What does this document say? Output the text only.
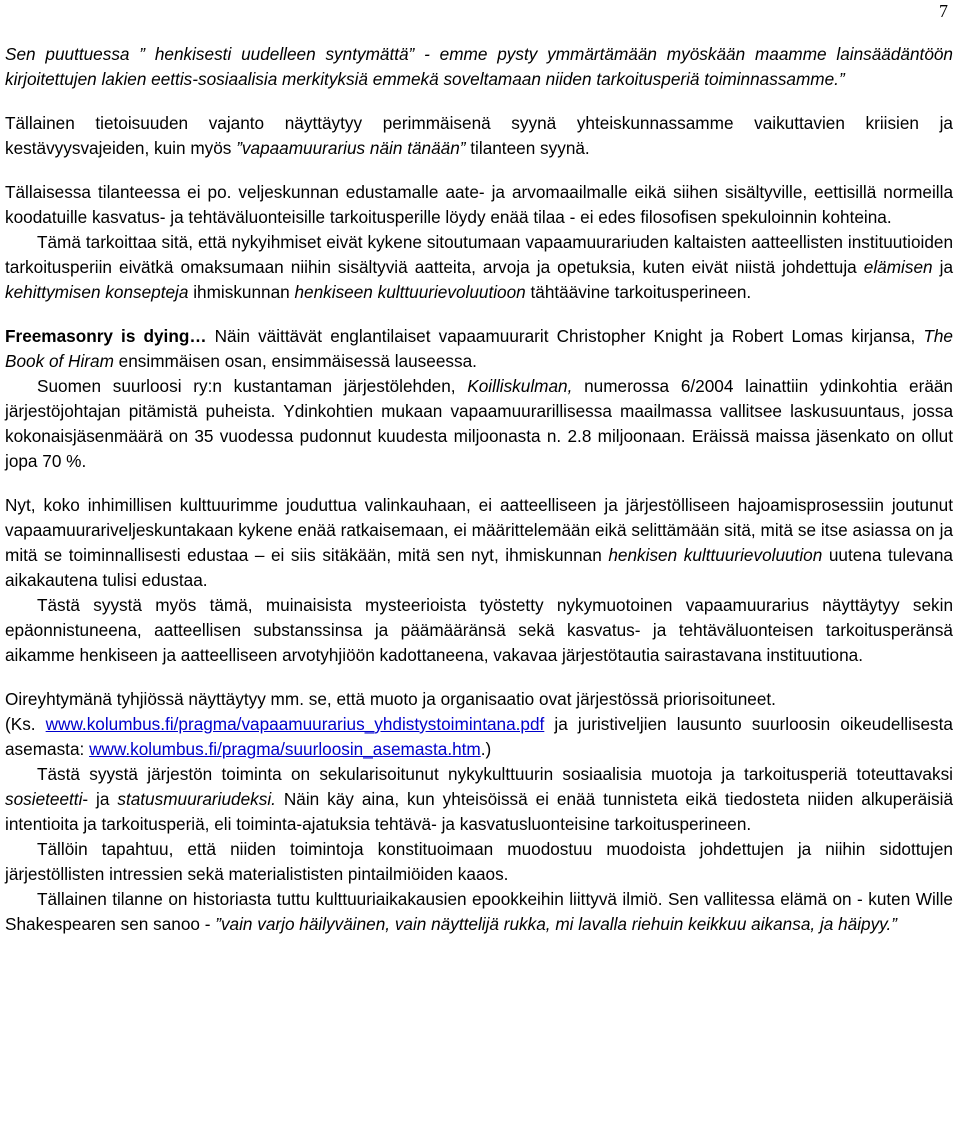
7

Sen puuttuessa ” henkisesti uudelleen syntymättä” - emme pysty ymmärtämään myöskään maamme lainsäädäntöön kirjoitettujen lakien eettis-sosiaalisia merkityksiä emmekä soveltamaan niiden tarkoitusperiä toiminnassamme.”

Tällainen tietoisuuden vajanto näyttäytyy perimmäisenä syynä yhteiskunnassamme vaikuttavien kriisien ja kestävyysvajeiden, kuin myös ”vapaamuurarius näin tänään” tilanteen syynä.

Tällaisessa tilanteessa ei po. veljeskunnan edustamalle aate- ja arvomaailmalle eikä siihen sisältyville, eettisillä normeilla koodatuille kasvatus- ja tehtäväluonteisille tarkoitusperille löydy enää tilaa - ei edes filosofisen spekuloinnin kohteina.

Tämä tarkoittaa sitä, että nykyihmiset eivät kykene sitoutumaan vapaamuurariuden kaltaisten aatteellisten instituutioiden tarkoitusperiin eivätkä omaksumaan niihin sisältyviä aatteita, arvoja ja opetuksia, kuten eivät niistä johdettuja elämisen ja kehittymisen konsepteja ihmiskunnan henkiseen kulttuurievoluutioon tähtäävine tarkoitusperineen.

Freemasonry is dying… Näin väittävät englantilaiset vapaamuurarit Christopher Knight ja Robert Lomas kirjansa, The Book of Hiram ensimmäisen osan, ensimmäisessä lauseessa.

Suomen suurloosi ry:n kustantaman järjestölehden, Koilliskulman, numerossa 6/2004 lainattiin ydinkohtia erään järjestöjohtajan pitämistä puheista. Ydinkohtien mukaan vapaamuurarillisessa maailmassa vallitsee laskusuuntaus, jossa kokonaisjäsenmäärä on 35 vuodessa pudonnut kuudesta miljoonasta n. 2.8 miljoonaan. Eräissä maissa jäsenkato on ollut jopa 70 %.

Nyt, koko inhimillisen kulttuurimme jouduttua valinkauhaan, ei aatteelliseen ja järjestölliseen hajoamisprosessiin joutunut vapaamuurariveljeskuntakaan kykene enää ratkaisemaan, ei määrittelemään eikä selittämään sitä, mitä se itse asiassa on ja mitä se toiminnallisesti edustaa – ei siis sitäkään, mitä sen nyt, ihmiskunnan henkisen kulttuurievoluution uutena tulevana aikakautena tulisi edustaa.

Tästä syystä myös tämä, muinaisista mysteerioista työstetty nykymuotoinen vapaamuurarius näyttäytyy sekin epäonnistuneena, aatteellisen substanssinsa ja päämääränsä sekä kasvatus- ja tehtäväluonteisen tarkoitusperänsä aikamme henkiseen ja aatteelliseen arvotyhjiöön kadottaneena, vakavaa järjestötautia sairastavana instituutiona.

Oireyhtymänä tyhjiössä näyttäytyy mm. se, että muoto ja organisaatio ovat järjestössä priorisoituneet.

(Ks. www.kolumbus.fi/pragma/vapaamuurarius_yhdistystoimintana.pdf ja juristiveljien lausunto suurloosin oikeudellisesta asemasta: www.kolumbus.fi/pragma/suurloosin_asemasta.htm.)

Tästä syystä järjestön toiminta on sekularisoitunut nykykulttuurin sosiaalisia muotoja ja tarkoitusperiä toteuttavaksi sosieteetti- ja statusmuurariudeksi. Näin käy aina, kun yhteisöissä ei enää tunnisteta eikä tiedosteta niiden alkuperäisiä intentioita ja tarkoitusperiä, eli toiminta-ajatuksia tehtävä- ja kasvatusluonteisine tarkoitusperineen.

Tällöin tapahtuu, että niiden toimintoja konstituoimaan muodostuu muodoista johdettujen ja niihin sidottujen järjestöllisten intressien sekä materialististen pintailmiöiden kaaos.

Tällainen tilanne on historiasta tuttu kulttuuriaikakausien epookkeihin liittyvä ilmiö. Sen vallitessa elämä on - kuten Wille Shakespearen sen sanoo - ”vain varjo häilyväinen, vain näyttelijä rukka, mi lavalla riehuin keikkuu aikansa, ja häipyy.”
